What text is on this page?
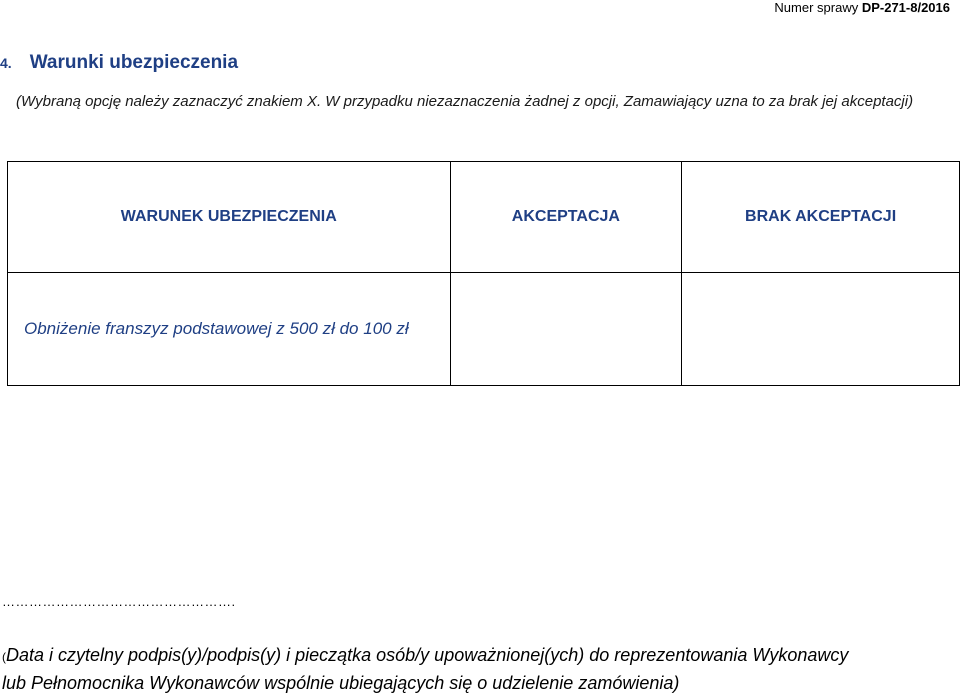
Numer sprawy DP-271-8/2016
4. Warunki ubezpieczenia
(Wybraną opcję należy zaznaczyć znakiem X. W przypadku niezaznaczenia żadnej z opcji, Zamawiający uzna to za brak jej akceptacji)
WARUNEK UBEZPIECZENIA	AKCEPTACJA	BRAK AKCEPTACJI
Obniżenie franszyz podstawowej z 500 zł do 100 zł		
…………………………………………….
(Data i czytelny podpis(y)/podpis(y) i pieczątka osób/y upoważnionej(ych) do reprezentowania Wykonawcy
lub Pełnomocnika Wykonawców wspólnie ubiegających się o udzielenie zamówienia)
